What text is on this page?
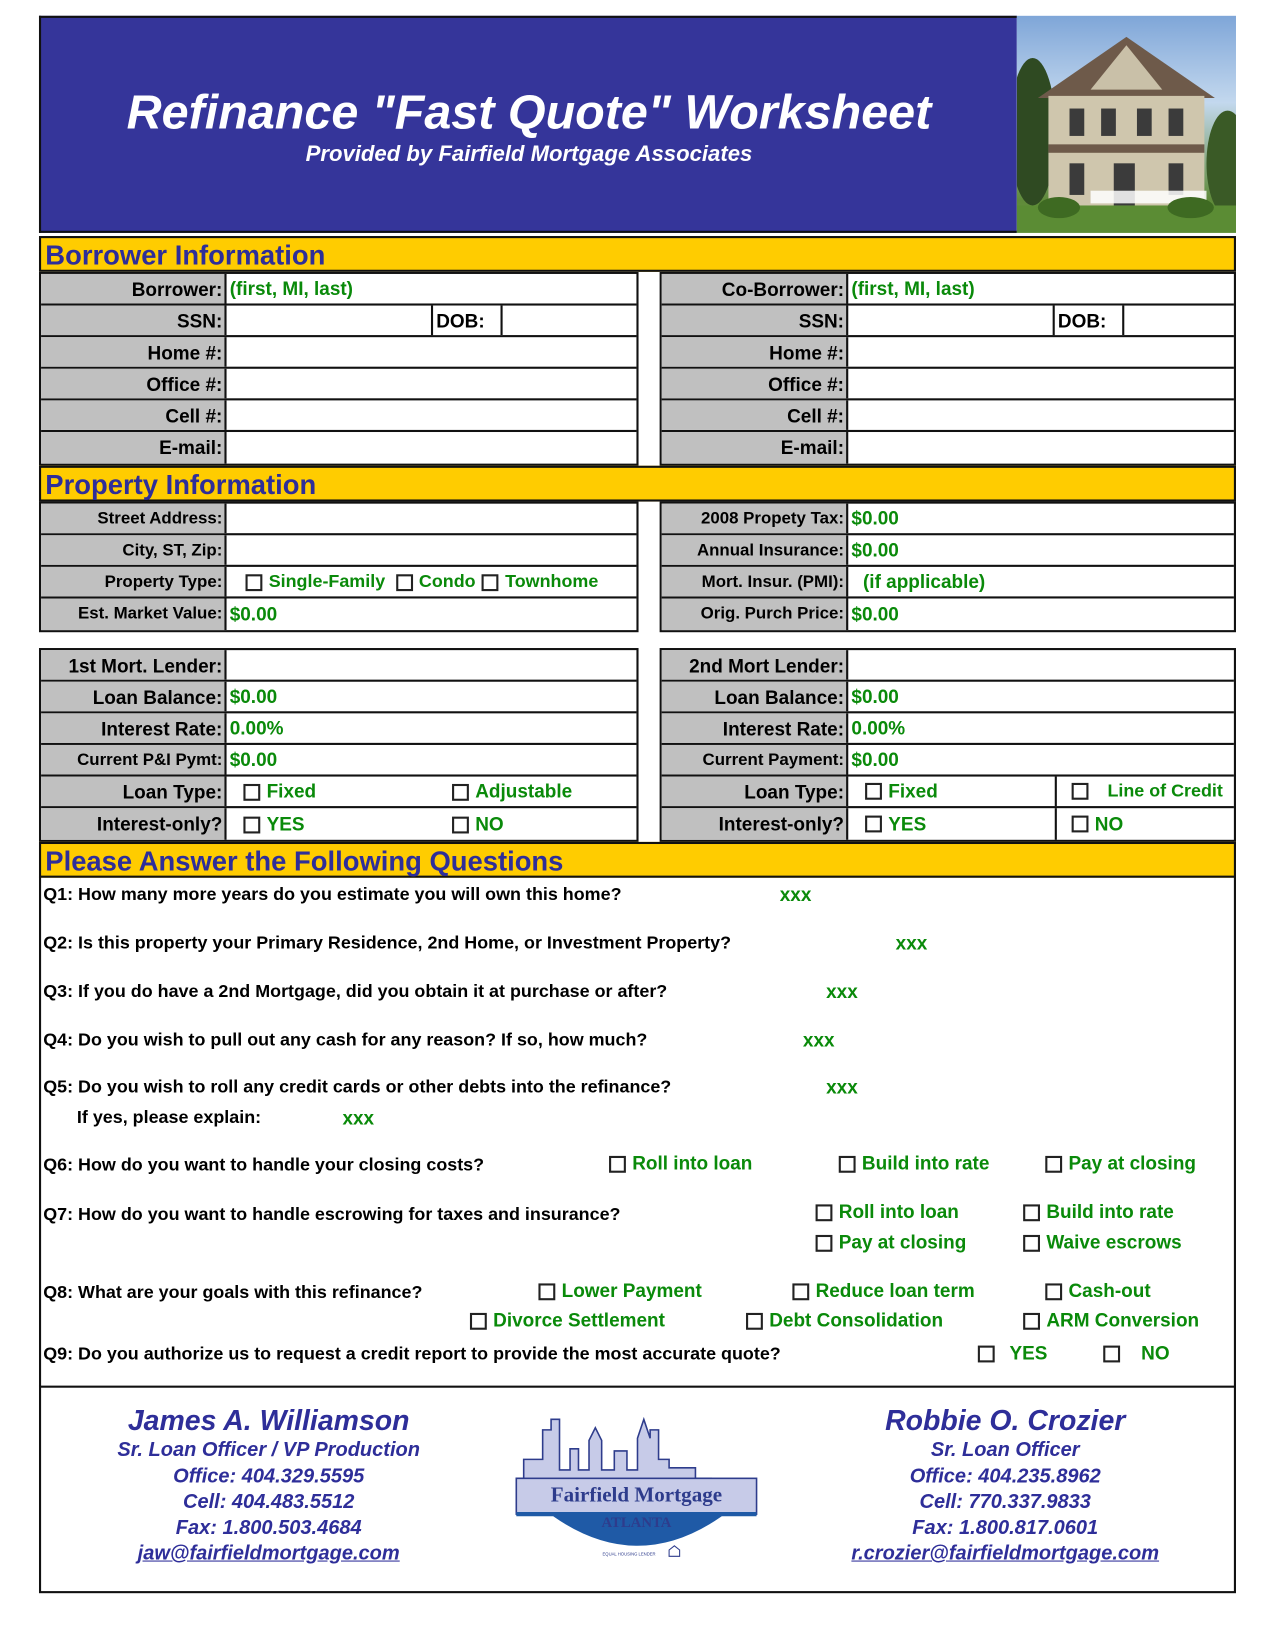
Refinance "Fast Quote" Worksheet
Provided by Fairfield Mortgage Associates
Borrower Information
Borrower: (first, MI, last)
SSN:	DOB:
Home #:
Office #:
Cell #:
E-mail:
Co-Borrower: (first, MI, last)
SSN:	DOB:
Home #:
Office #:
Cell #:
E-mail:
Property Information
Street Address:
City, ST, Zip:
Property Type:	Single-Family	Condo	Townhome
Est. Market Value: $0.00
2008 Propety Tax: $0.00
Annual Insurance: $0.00
Mort. Insur. (PMI):	(if applicable)
Orig. Purch Price: $0.00
1st Mort. Lender:
Loan Balance: $0.00
Interest Rate: 0.00%
Current P&I Pymt: $0.00
Loan Type:	Fixed	Adjustable
Interest-only?	YES	NO
2nd Mort Lender:
Loan Balance: $0.00
Interest Rate: 0.00%
Current Payment: $0.00
Loan Type: Fixed	Line of Credit
Interest-only? YES	NO
Please Answer the Following Questions
Q1: How many more years do you estimate you will own this home?	xxx
Q2: Is this property your Primary Residence, 2nd Home, or Investment Property?	xxx
Q3: If you do have a 2nd Mortgage, did you obtain it at purchase or after?	xxx
Q4: Do you wish to pull out any cash for any reason? If so, how much?	xxx
Q5: Do you wish to roll any credit cards or other debts into the refinance?	xxx
If yes, please explain:	xxx
Q6: How do you want to handle your closing costs?	Roll into loan	Build into rate	Pay at closing
Q7: How do you want to handle escrowing for taxes and insurance?	Roll into loan	Build into rate
Pay at closing	Waive escrows
Q8: What are your goals with this refinance?	Lower Payment	Reduce loan term	Cash-out
Divorce Settlement	Debt Consolidation	ARM Conversion
Q9: Do you authorize us to request a credit report to provide the most accurate quote?	YES	NO
James A. Williamson
Sr. Loan Officer / VP Production
Office: 404.329.5595
Cell: 404.483.5512
Fax: 1.800.503.4684
jaw@fairfieldmortgage.com
Fairfield Mortgage
ATLANTA
EQUAL HOUSING LENDER
Robbie O. Crozier
Sr. Loan Officer
Office: 404.235.8962
Cell: 770.337.9833
Fax: 1.800.817.0601
r.crozier@fairfieldmortgage.com
